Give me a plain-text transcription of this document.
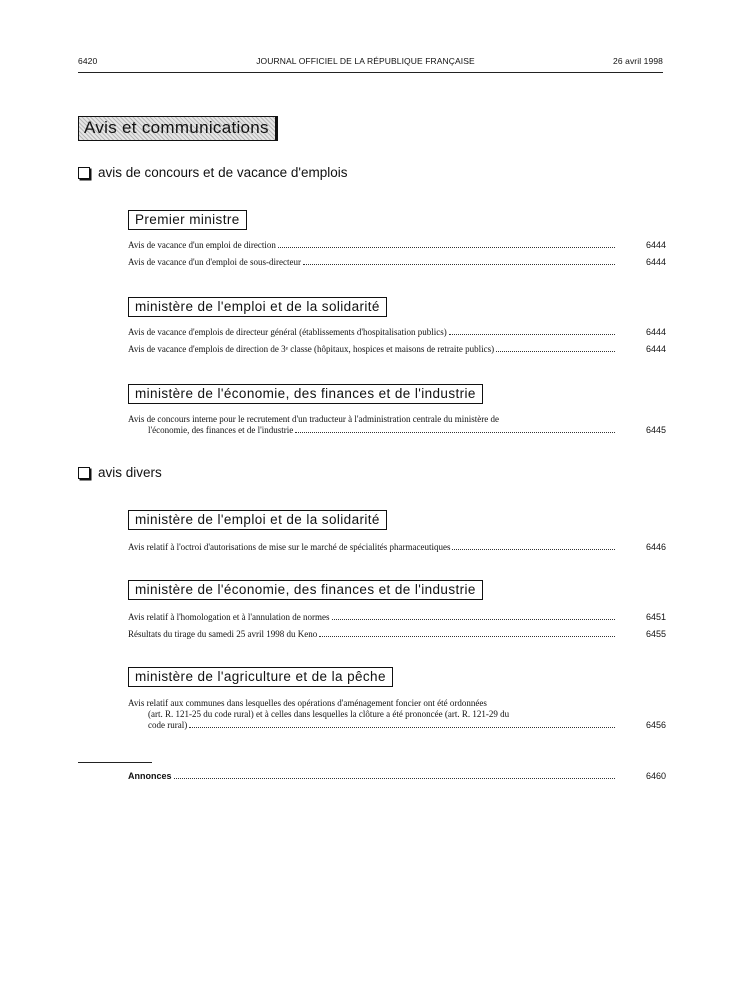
6420	JOURNAL OFFICIEL DE LA RÉPUBLIQUE FRANÇAISE	26 avril 1998
Avis et communications
avis de concours et de vacance d'emplois
Premier ministre
Avis de vacance d'un emploi de direction	6444
Avis de vacance d'un d'emploi de sous-directeur	6444
ministère de l'emploi et de la solidarité
Avis de vacance d'emplois de directeur général (établissements d'hospitalisation publics)	6444
Avis de vacance d'emplois de direction de 3ᵉ classe (hôpitaux, hospices et maisons de retraite publics)	6444
ministère de l'économie, des finances et de l'industrie
Avis de concours interne pour le recrutement d'un traducteur à l'administration centrale du ministère de
l'économie, des finances et de l'industrie	6445
avis divers
ministère de l'emploi et de la solidarité
Avis relatif à l'octroi d'autorisations de mise sur le marché de spécialités pharmaceutiques	6446
ministère de l'économie, des finances et de l'industrie
Avis relatif à l'homologation et à l'annulation de normes	6451
Résultats du tirage du samedi 25 avril 1998 du Keno	6455
ministère de l'agriculture et de la pêche
Avis relatif aux communes dans lesquelles des opérations d'aménagement foncier ont été ordonnées
(art. R. 121-25 du code rural) et à celles dans lesquelles la clôture a été prononcée (art. R. 121-29 du
code rural)	6456
Annonces	6460
